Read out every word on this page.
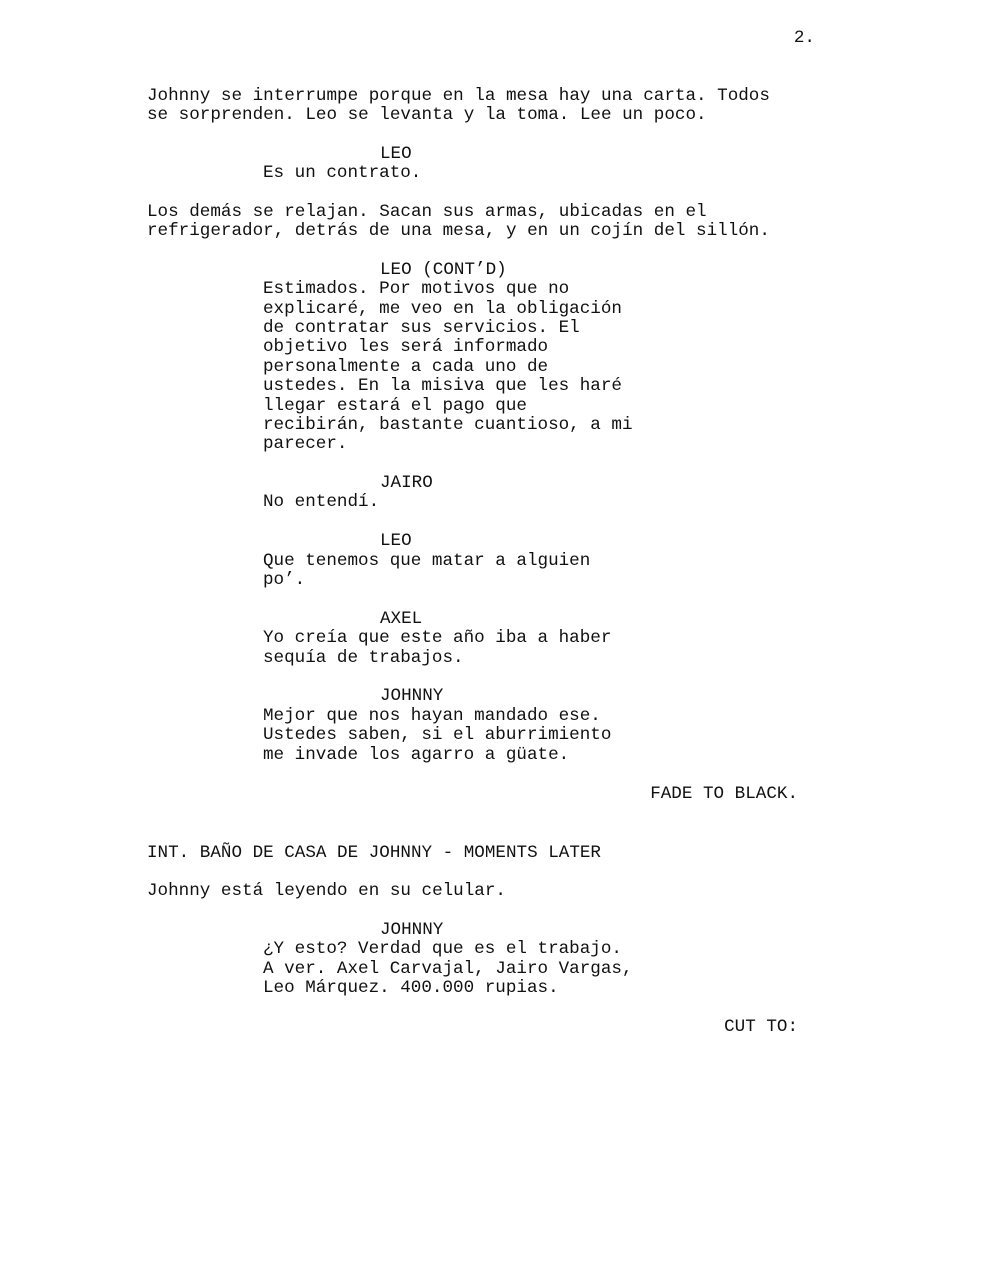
2.
Johnny se interrumpe porque en la mesa hay una carta. Todos
se sorprenden. Leo se levanta y la toma. Lee un poco.
LEO
Es un contrato.
Los demás se relajan. Sacan sus armas, ubicadas en el
refrigerador, detrás de una mesa, y en un cojín del sillón.
LEO (CONT’D)
Estimados. Por motivos que no
explicaré, me veo en la obligación
de contratar sus servicios. El
objetivo les será informado
personalmente a cada uno de
ustedes. En la misiva que les haré
llegar estará el pago que
recibirán, bastante cuantioso, a mi
parecer.
JAIRO
No entendí.
LEO
Que tenemos que matar a alguien
po’.
AXEL
Yo creía que este año iba a haber
sequía de trabajos.
JOHNNY
Mejor que nos hayan mandado ese.
Ustedes saben, si el aburrimiento
me invade los agarro a güate.
FADE TO BLACK.
INT. BAÑO DE CASA DE JOHNNY - MOMENTS LATER
Johnny está leyendo en su celular.
JOHNNY
¿Y esto? Verdad que es el trabajo.
A ver. Axel Carvajal, Jairo Vargas,
Leo Márquez. 400.000 rupias.
CUT TO:
